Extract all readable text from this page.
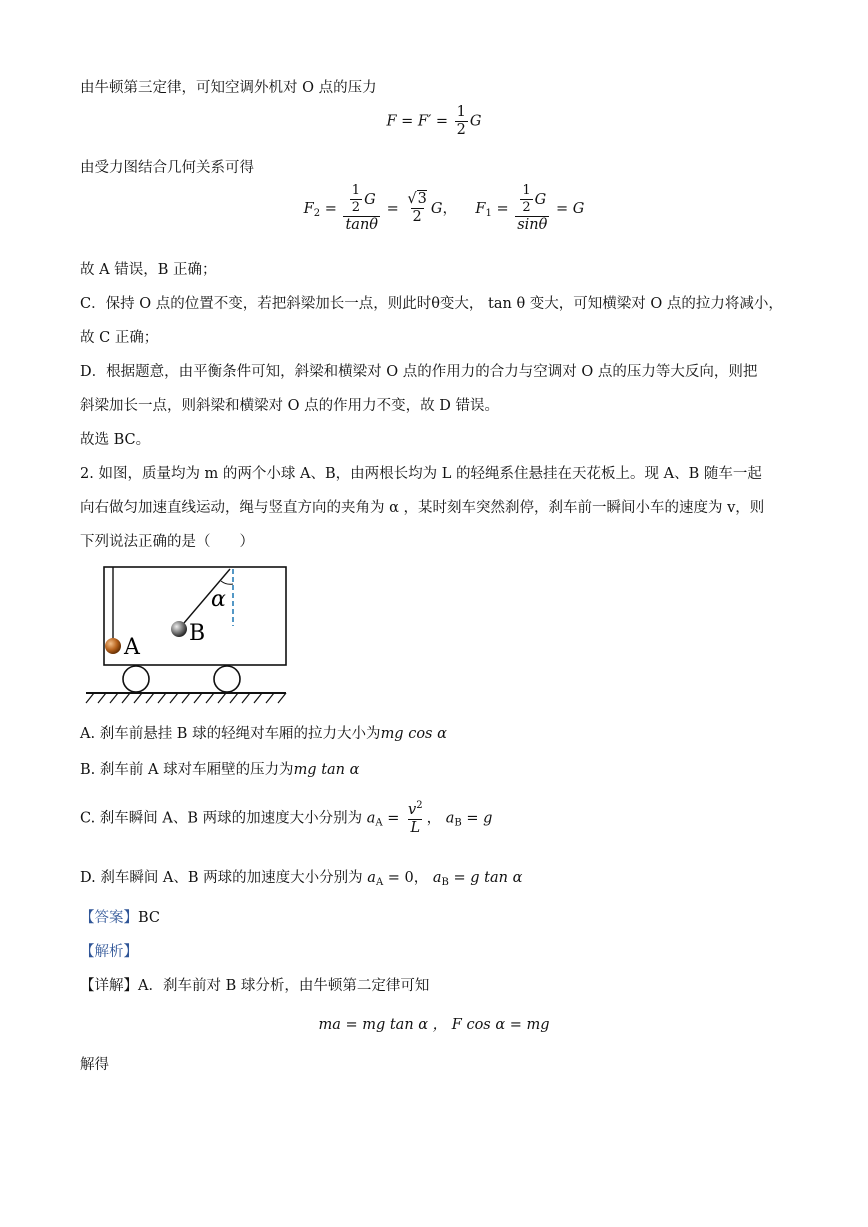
由牛顿第三定律，可知空调外机对 O 点的压力
$F = F' = \frac{1}{2}$ G
由受力图结合几何关系可得
$F_2 = \frac{\frac{1}{2} G}{\tan\theta} = \frac{√3}{2}$ G， $F_1 = \frac{\frac{1}{2} G}{\sin\theta} = G$
故 A 错误，B 正确；
C．保持 O 点的位置不变，若把斜梁加长一点，则此时θ变大， tan θ 变大，可知横梁对 O 点的拉力将减小，
故 C 正确；
D．根据题意，由平衡条件可知，斜梁和横梁对 O 点的作用力的合力与空调对 O 点的压力等大反向，则把
斜梁加长一点，则斜梁和横梁对 O 点的作用力不变，故 D 错误。
故选 BC。
2. 如图，质量均为 m 的两个小球 A、B，由两根长均为 L 的轻绳系住悬挂在天花板上。现 A、B 随车一起
向右做匀加速直线运动，绳与竖直方向的夹角为 α ，某时刻车突然刹停，刹车前一瞬间小车的速度为 v，则
下列说法正确的是（　　）
A
α
B
A. 刹车前悬挂 B 球的轻绳对车厢的拉力大小为mg cos α
B. 刹车前 A 球对车厢壁的压力为mg tan α
C. 刹车瞬间 A、B 两球的加速度大小分别为 $a_A = \frac{v^2}{L}$ ， $a_B = g$
D. 刹车瞬间 A、B 两球的加速度大小分别为 $a_A = 0$， $a_B = g$ tan α
【答案】BC
【解析】
【详解】A．刹车前对 B 球分析，由牛顿第二定律可知
ma = mg tan α ， F cos α = mg
解得
